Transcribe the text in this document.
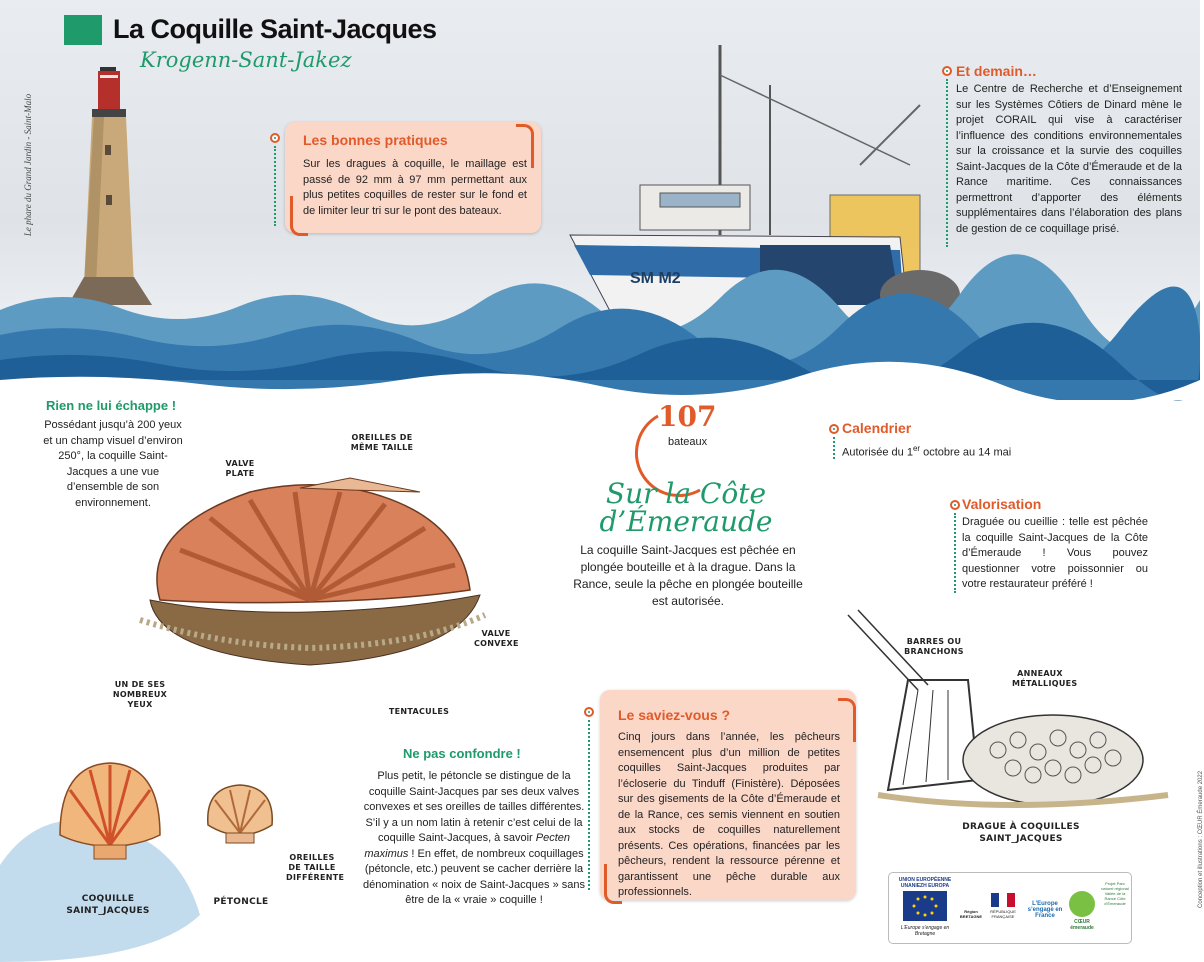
SM M2
La Coquille Saint-Jacques
Krogenn-Sant-Jakez
Le phare du Grand Jardin - Saint-Malo	Les bonnes pratiques
Sur les dragues à coquille, le maillage est passé de 92 mm à 97 mm permettant aux plus petites coquilles de rester sur le fond et de limiter leur tri sur le pont des bateaux.
Et demain…
Le Centre de Recherche et d’Enseignement sur les Systèmes Côtiers de Dinard mène le projet CORAIL qui vise à caractériser l’influence des conditions environnementales sur la croissance et la survie des coquilles Saint-Jacques de la Côte d’Émeraude et de la Rance maritime. Ces connaissances permettront d’apporter des éléments supplémentaires dans l’élaboration des plans de gestion de ce coquillage prisé.
Rien ne lui échappe !
Possédant jusqu’à 200 yeux et un champ visuel d’environ 250°, la coquille Saint-Jacques a une vue d’ensemble de son environnement.
VALVE PLATE
OREILLES DE MÊME TAILLE
VALVE CONVEXE
UN DE SES NOMBREUX YEUX
TENTACULES
107
bateaux
Sur la Côte d’Émeraude
La coquille Saint-Jacques est pêchée en plongée bouteille et à la drague. Dans la Rance, seule la pêche en plongée bouteille est autorisée.
Calendrier
Autorisée du 1er octobre au 14 mai
Valorisation
Draguée ou cueillie : telle est pêchée la coquille Saint-Jacques de la Côte d’Émeraude ! Vous pouvez questionner votre poissonnier ou votre restaurateur préféré !
BARRES OU BRANCHONS
ANNEAUX MÉTALLIQUES
DRAGUE À COQUILLES SAINT_JACQUES
Le saviez-vous ?
Cinq jours dans l’année, les pêcheurs ensemencent plus d’un million de petites coquilles Saint-Jacques produites par l’écloserie du Tinduff (Finistère). Déposées sur des gisements de la Côte d’Émeraude et de la Rance, ces semis viennent en soutien aux stocks de coquilles naturellement présents. Ces opérations, financées par les pêcheurs, rendent la ressource pérenne et garantissent une pêche durable aux professionnels.
Ne pas confondre !
Plus petit, le pétoncle se distingue de la coquille Saint-Jacques par ses deux valves convexes et ses oreilles de tailles différentes.
S’il y a un nom latin à retenir c’est celui de la coquille Saint-Jacques, à savoir Pecten maximus ! En effet, de nombreux coquillages (pétoncle, etc.) peuvent se cacher derrière la dénomination « noix de Saint-Jacques » sans être de la « vraie » coquille !
COQUILLE SAINT_JACQUES
PÉTONCLE
OREILLES DE TAILLE DIFFÉRENTE	Conception et illustrations : CŒUR Émeraude 2022
UNION EUROPÉENNE
UNANIEZH EUROPA
L’Europe s’engage en Bretagne
Région BRETAGNE
RÉPUBLIQUE FRANÇAISE
L’Europe s’engage en France
CŒUR émeraude
Projet Parc naturel régional Vallée de la Rance Côte d’Émeraude
